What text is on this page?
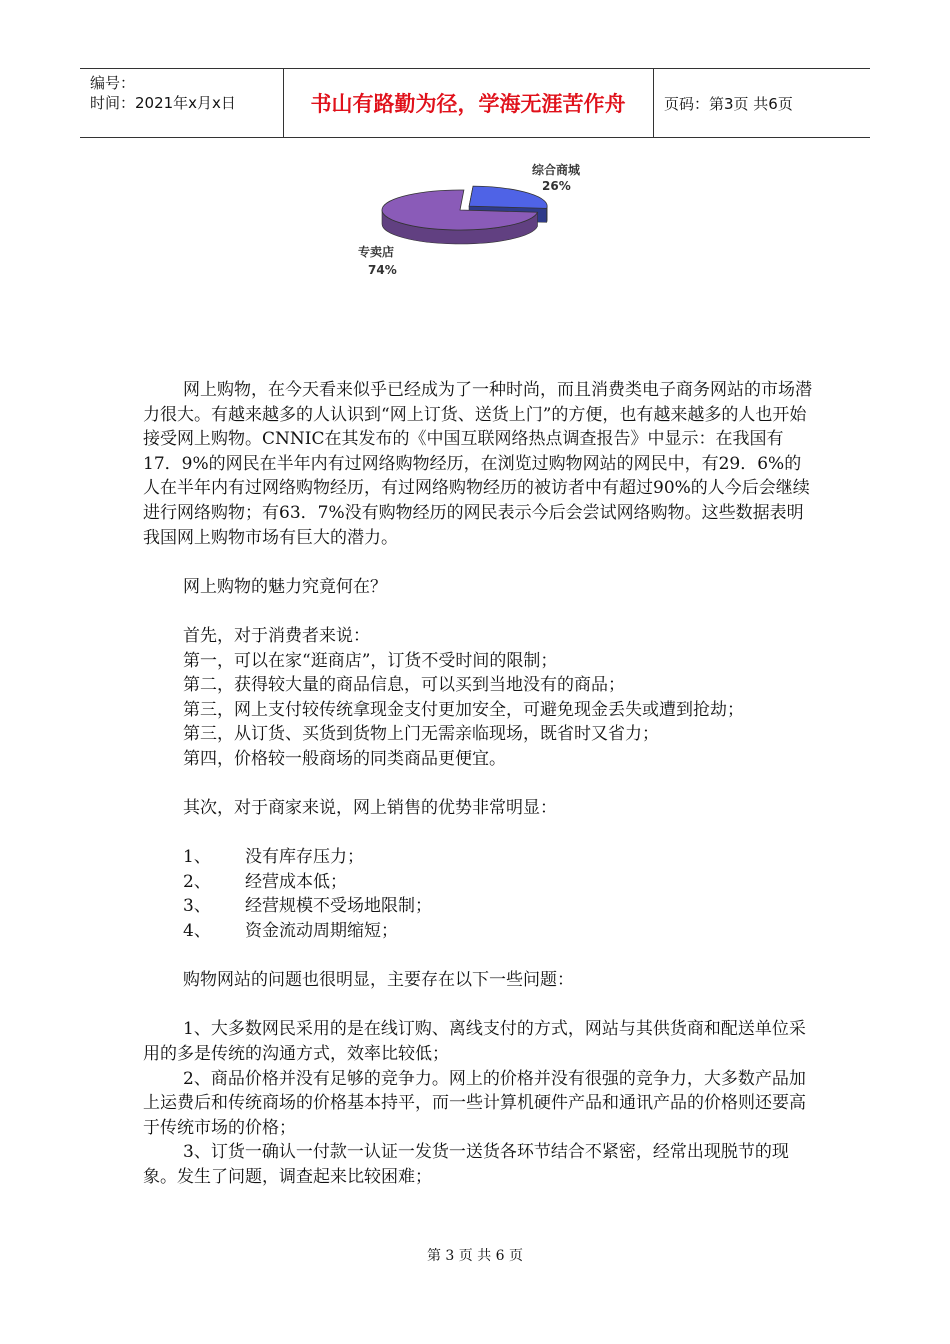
编号：
时间：2021年x月x日	书山有路勤为径，学海无涯苦作舟	页码：第3页 共6页
综合商城
26%
专卖店
74%

网上购物，在今天看来似乎已经成为了一种时尚，而且消费类电子商务网站的市场潜力很大。有越来越多的人认识到“网上订货、送货上门”的方便，也有越来越多的人也开始接受网上购物。CNNIC在其发布的《中国互联网络热点调查报告》中显示：在我国有17．9%的网民在半年内有过网络购物经历，在浏览过购物网站的网民中，有29．6%的人在半年内有过网络购物经历，有过网络购物经历的被访者中有超过90%的人今后会继续进行网络购物；有63．7%没有购物经历的网民表示今后会尝试网络购物。这些数据表明我国网上购物市场有巨大的潜力。

网上购物的魅力究竟何在？

首先，对于消费者来说：

第一，可以在家“逛商店”，订货不受时间的限制；

第二，获得较大量的商品信息，可以买到当地没有的商品；

第三，网上支付较传统拿现金支付更加安全，可避免现金丢失或遭到抢劫；

第三，从订货、买货到货物上门无需亲临现场，既省时又省力；

第四，价格较一般商场的同类商品更便宜。

其次，对于商家来说，网上销售的优势非常明显：

1、	没有库存压力；
2、	经营成本低；
3、	经营规模不受场地限制；
4、	资金流动周期缩短；

购物网站的问题也很明显，主要存在以下一些问题：

1、大多数网民采用的是在线订购、离线支付的方式，网站与其供货商和配送单位采用的多是传统的沟通方式，效率比较低；

2、商品价格并没有足够的竞争力。网上的价格并没有很强的竞争力，大多数产品加上运费后和传统商场的价格基本持平，而一些计算机硬件产品和通讯产品的价格则还要高于传统市场的价格；

3、订货一确认一付款一认证一发货一送货各环节结合不紧密，经常出现脱节的现象。发生了问题，调查起来比较困难；

第 3 页 共 6 页
